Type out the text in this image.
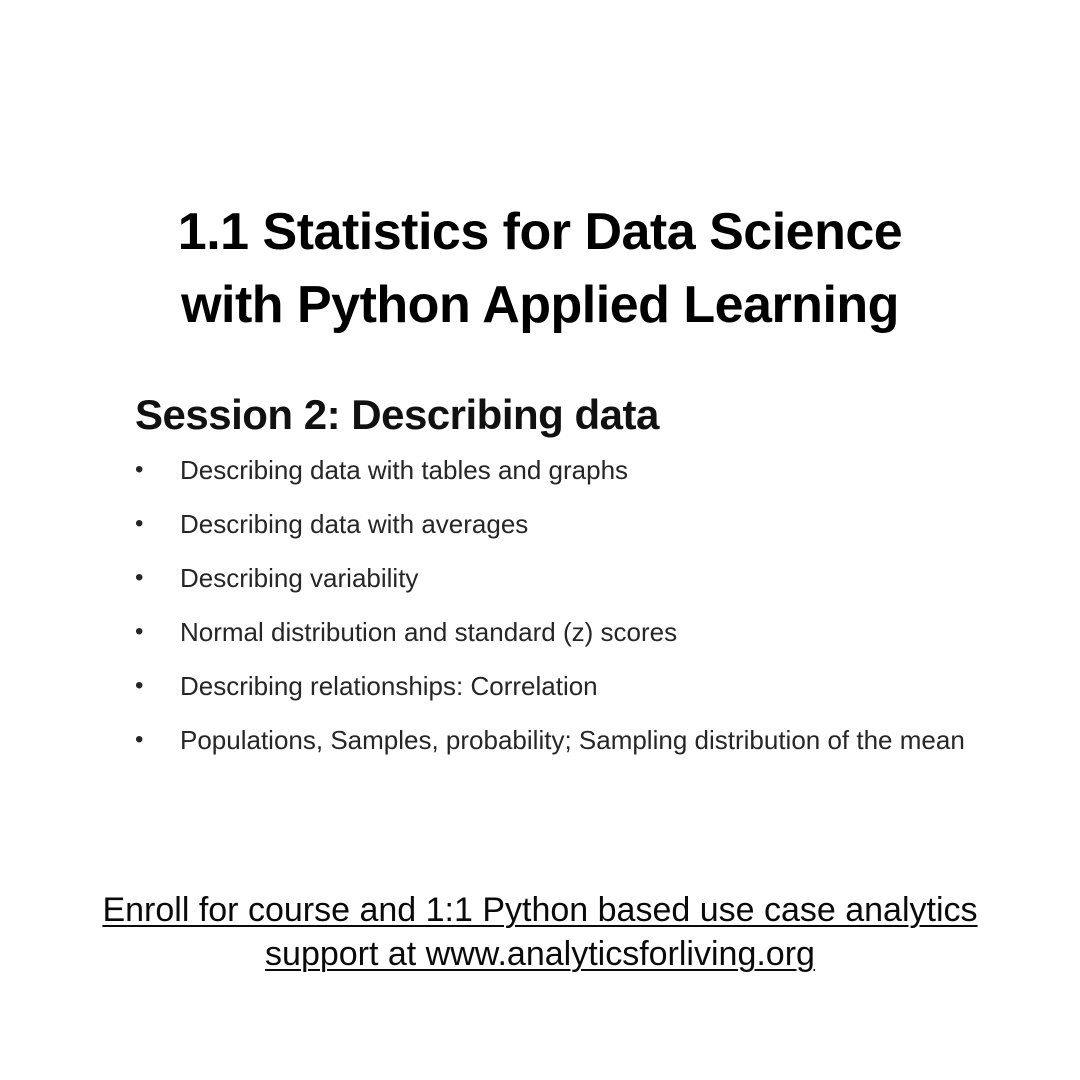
1.1 Statistics for Data Science
with Python Applied Learning
Session 2: Describing data
•	Describing data with tables and graphs
•	Describing data with averages
•	Describing variability
•	Normal distribution and standard (z) scores
•	Describing relationships: Correlation
•	Populations, Samples, probability; Sampling distribution of the mean
Enroll for course and 1:1 Python based use case analytics
support at www.analyticsforliving.org
